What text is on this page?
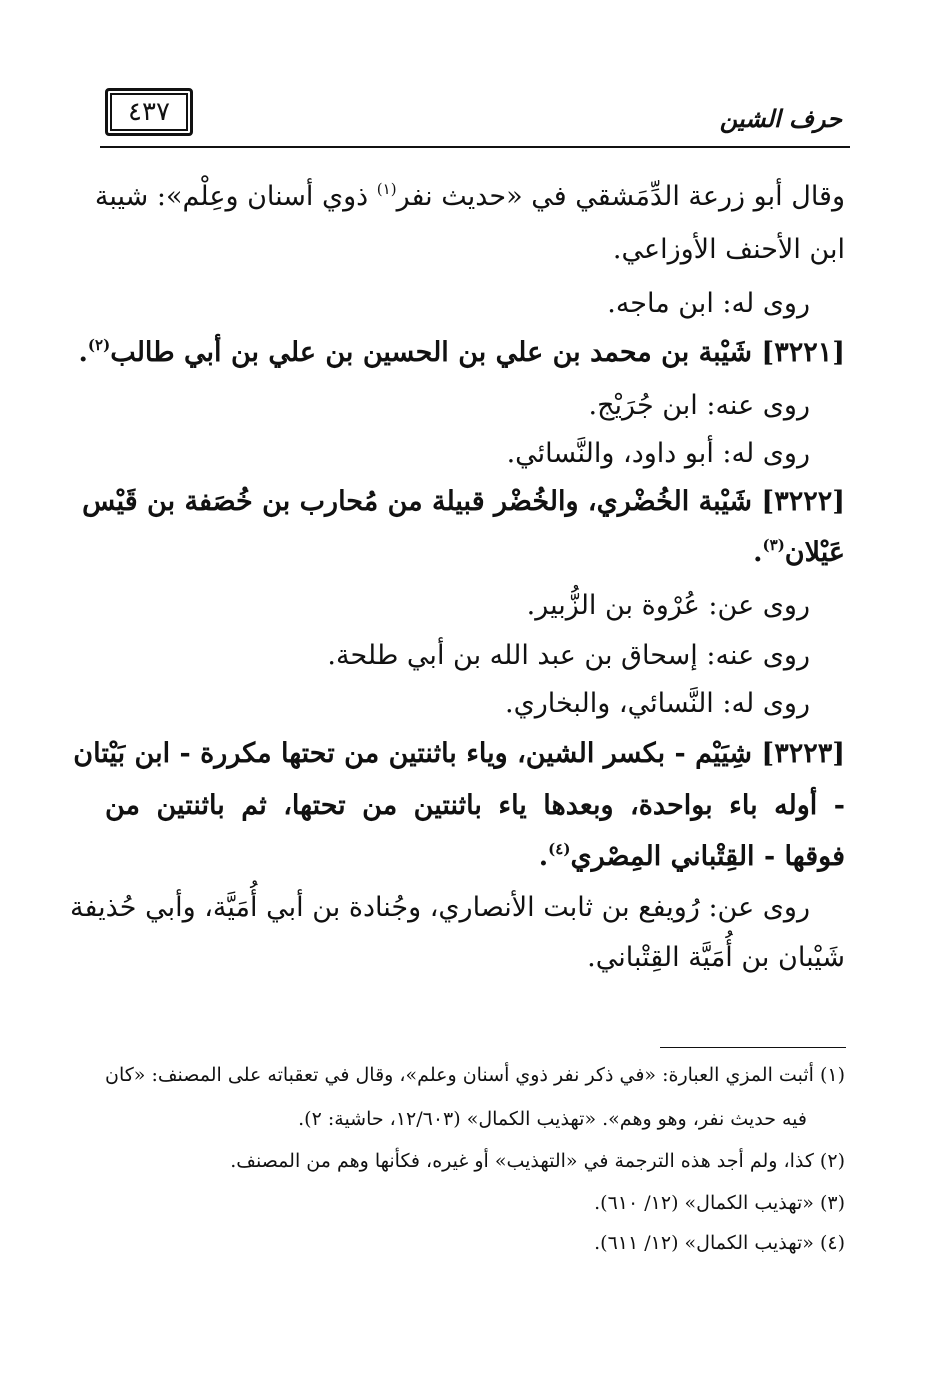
٤٣٧	حرف الشين
وقال أبو زرعة الدِّمَشقي في «حديث نفر$^{(١)}$ ذوي أسنان وعِلْم»: شيبة
ابن الأحنف الأوزاعي.
روى له: ابن ماجه.
[٣٢٢١] شَيْبة بن محمد بن علي بن الحسين بن علي بن أبي طالب$^{(٢)}$.
روى عنه: ابن جُرَيْج.
روى له: أبو داود، والنَّسائي.
[٣٢٢٢] شَيْبة الخُضْري، والخُضْر قبيلة من مُحارب بن خُصَفة بن قَيْس
عَيْلان$^{(٣)}$.
روى عن: عُرْوة بن الزُّبير.
روى عنه: إسحاق بن عبد الله بن أبي طلحة.
روى له: النَّسائي، والبخاري.
[٣٢٢٣] شِيَيْم - بكسر الشين، وياء باثنتين من تحتها مكررة - ابن بَيْتان
- أوله باء بواحدة، وبعدها ياء باثنتين من تحتها، ثم باثنتين من
فوقها - القِتْباني المِصْري$^{(٤)}$.
روى عن: رُويفع بن ثابت الأنصاري، وجُنادة بن أبي أُمَيَّة، وأبي حُذيفة
شَيْبان بن أُمَيَّة القِتْباني.
(١) أثبت المزي العبارة: «في ذكر نفر ذوي أسنان وعلم»، وقال في تعقباته على المصنف: «كان
فيه حديث نفر، وهو وهم». «تهذيب الكمال» (١٢/٦٠٣، حاشية: ٢).
(٢) كذا، ولم أجد هذه الترجمة في «التهذيب» أو غيره، فكأنها وهم من المصنف.
(٣) «تهذيب الكمال» (١٢/ ٦١٠).
(٤) «تهذيب الكمال» (١٢/ ٦١١).
